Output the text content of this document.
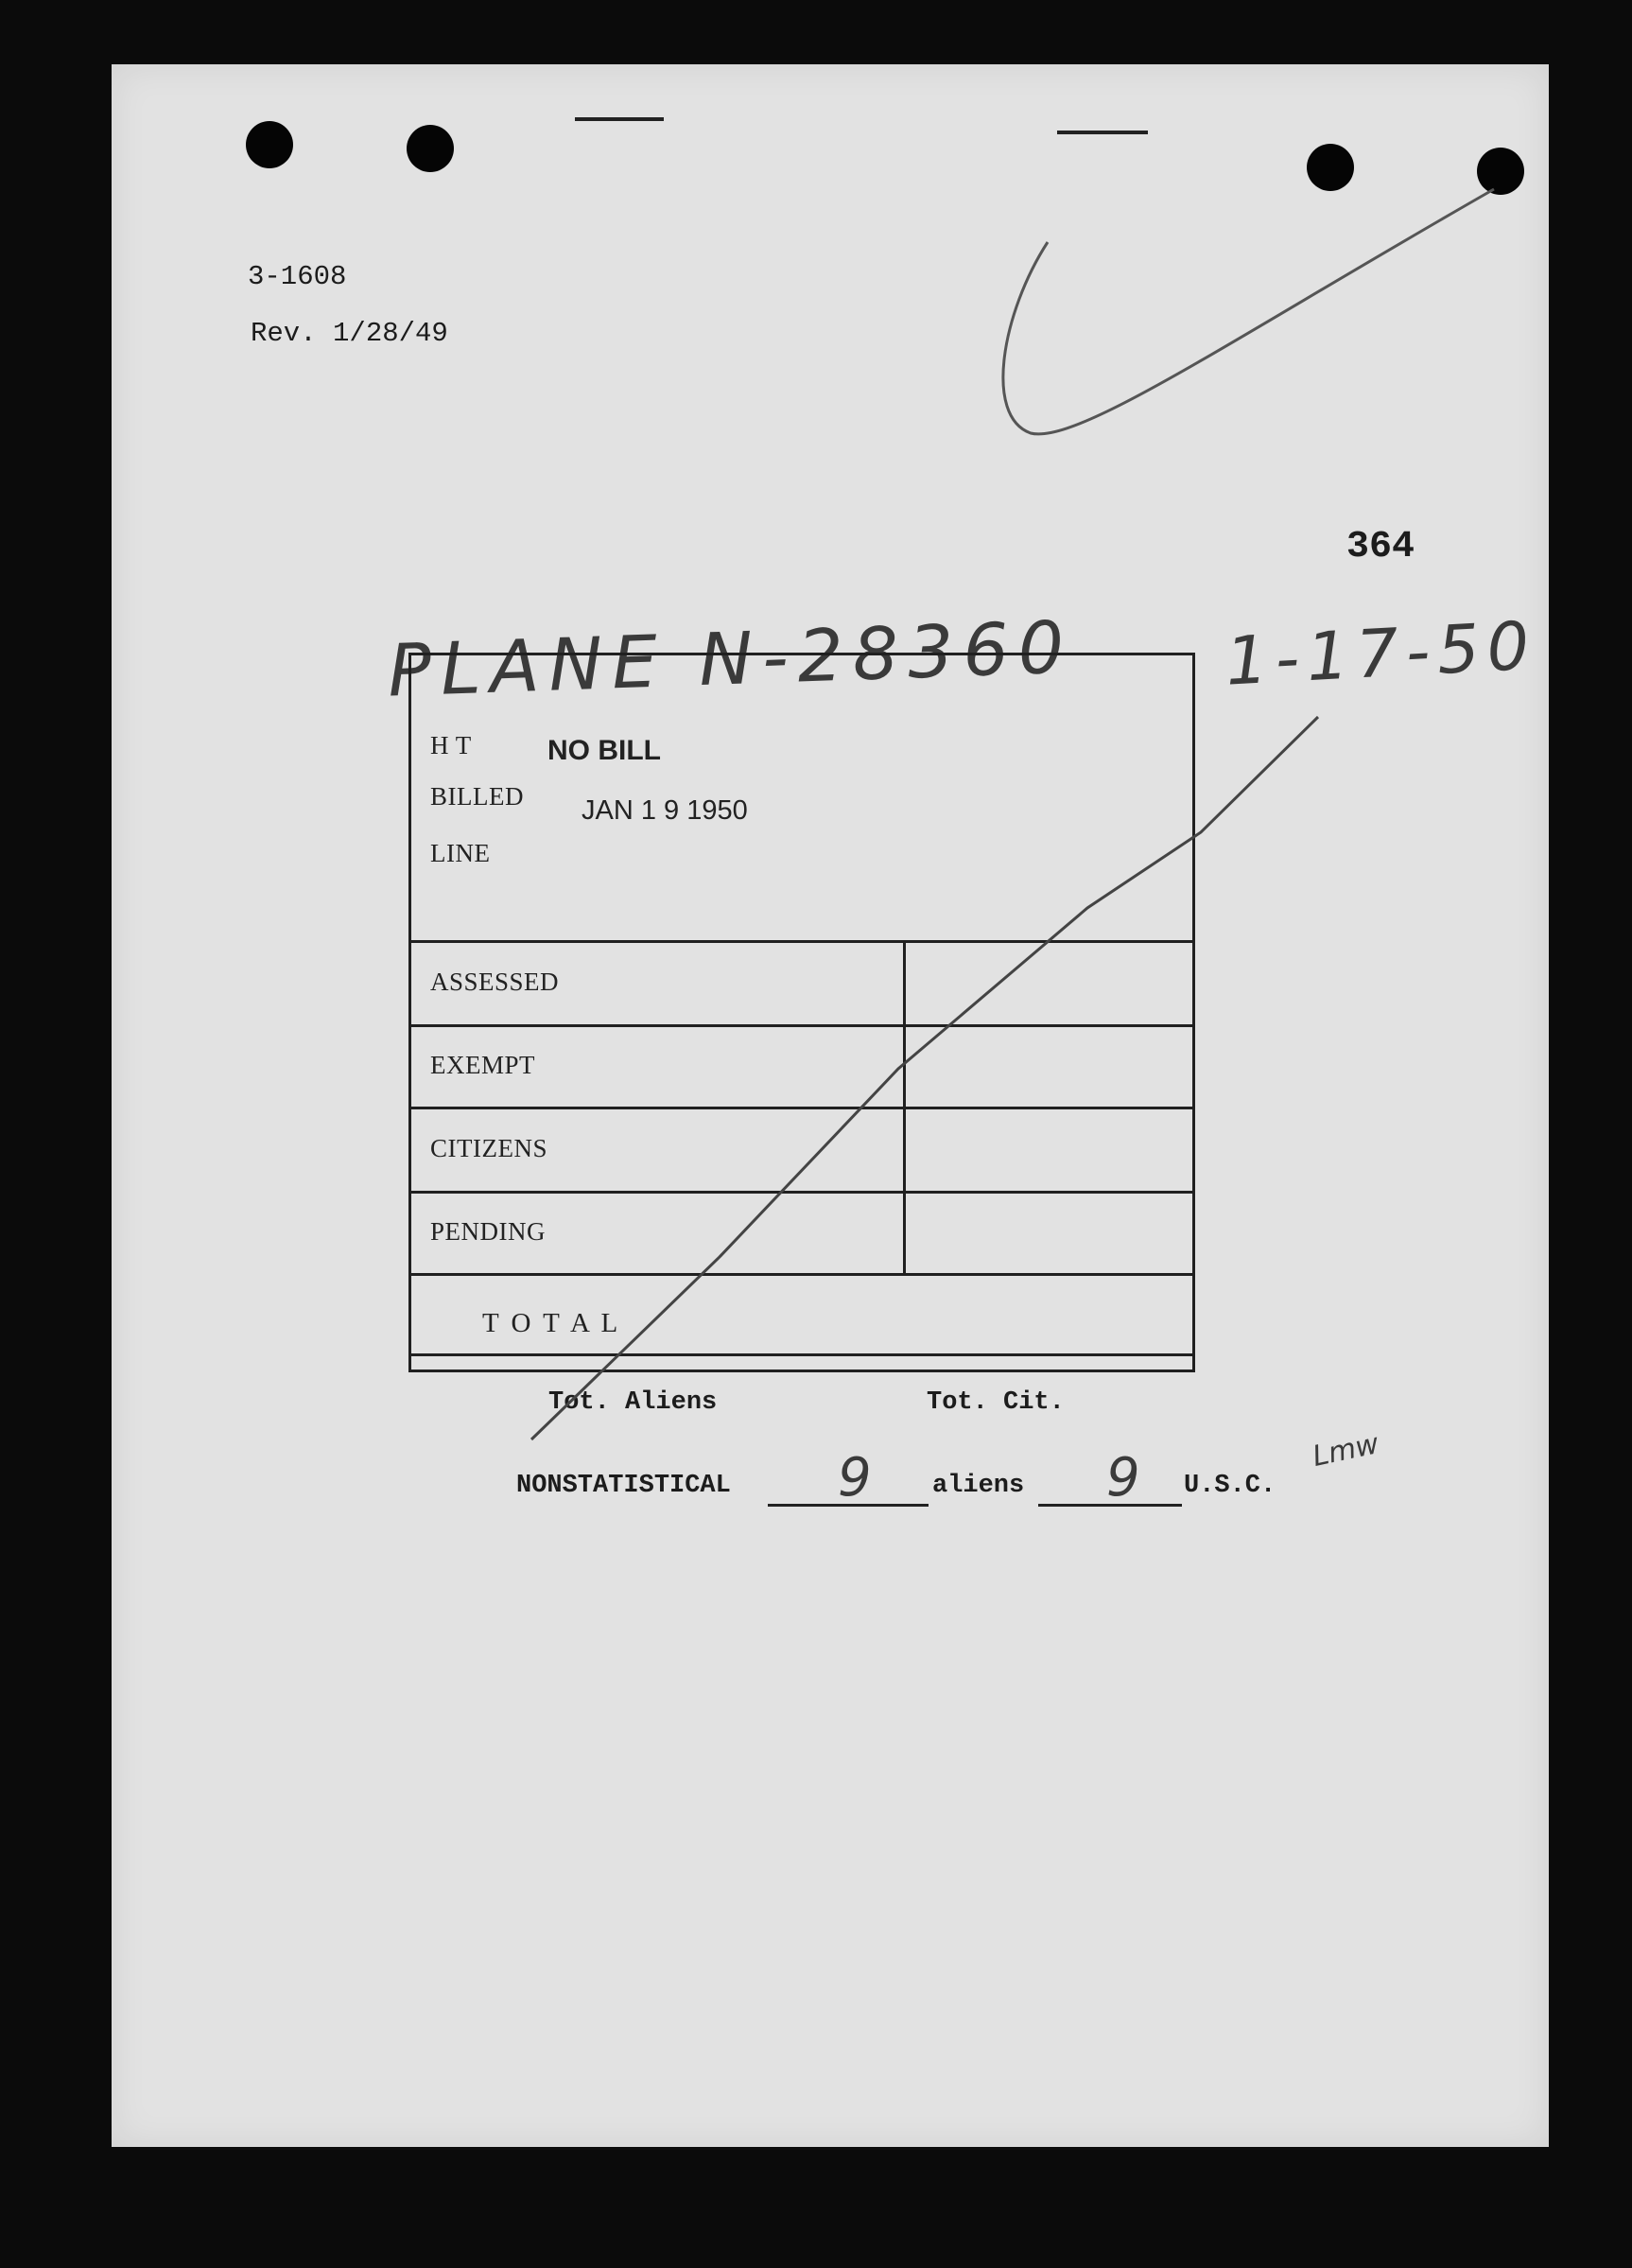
3-1608
Rev. 1/28/49
364
PLANE N-28360 1-17-50
H T	NO BILL
BILLED JAN 1 9 1950
LINE
ASSESSED
EXEMPT
CITIZENS
PENDING
T O T A L
Tot. Aliens	Tot. Cit.
NONSTATISTICAL 9 aliens 9 U.S.C.
Lmw
